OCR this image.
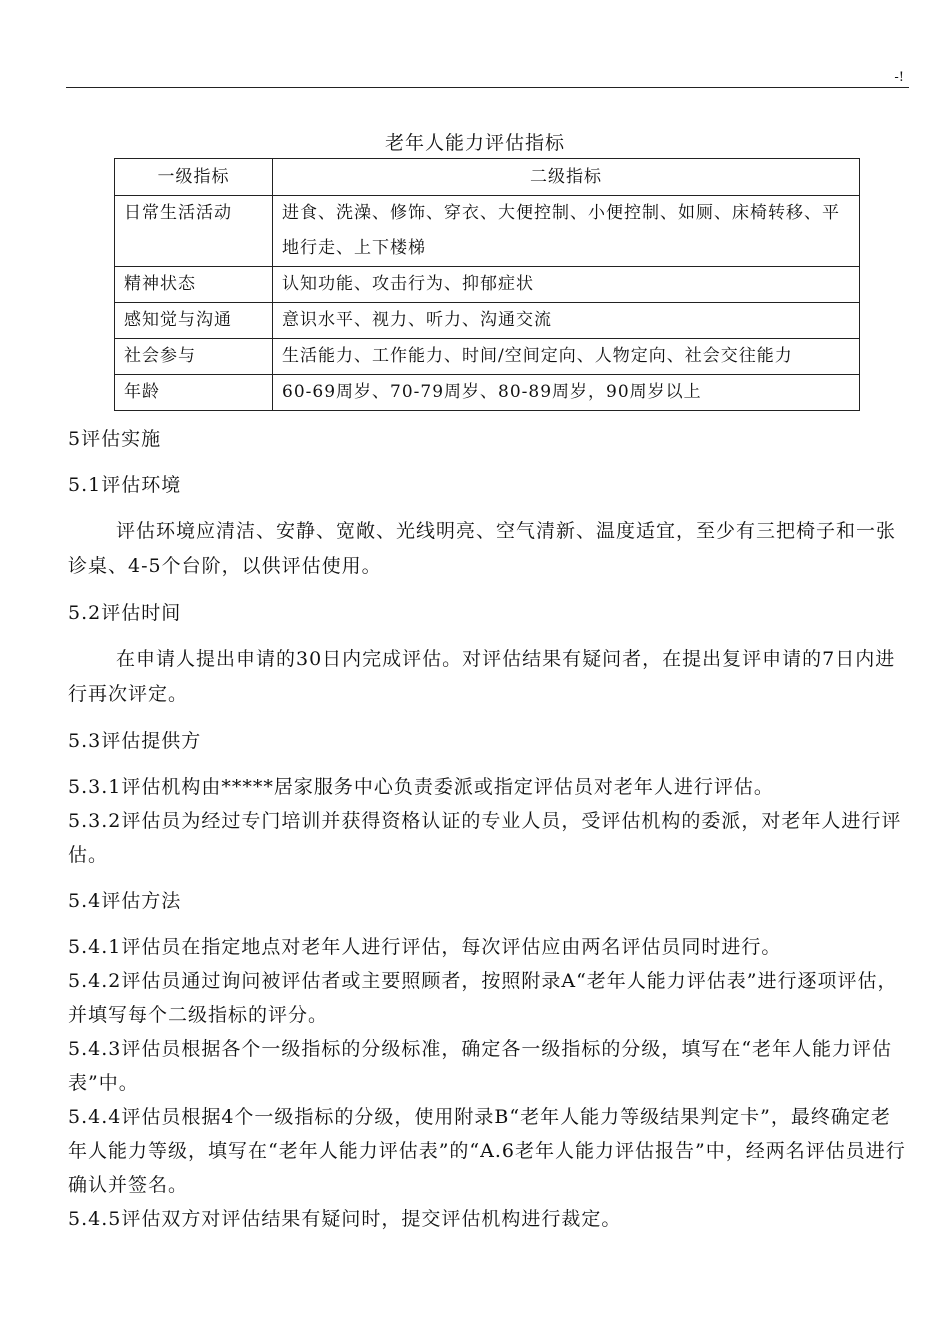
-!
老年人能力评估指标
一级指标	二级指标
日常生活活动	进食、洗澡、修饰、穿衣、大便控制、小便控制、如厕、床椅转移、平地行走、上下楼梯
精神状态	认知功能、攻击行为、抑郁症状
感知觉与沟通	意识水平、视力、听力、沟通交流
社会参与	生活能力、工作能力、时间/空间定向、人物定向、社会交往能力
年龄	60-69周岁、70-79周岁、80-89周岁，90周岁以上

5评估实施

5.1评估环境

评估环境应清洁、安静、宽敞、光线明亮、空气清新、温度适宜，至少有三把椅子和一张诊桌、4-5个台阶，以供评估使用。

5.2评估时间

在申请人提出申请的30日内完成评估。对评估结果有疑问者，在提出复评申请的7日内进行再次评定。

5.3评估提供方

5.3.1评估机构由*****居家服务中心负责委派或指定评估员对老年人进行评估。

5.3.2评估员为经过专门培训并获得资格认证的专业人员，受评估机构的委派，对老年人进行评估。

5.4评估方法

5.4.1评估员在指定地点对老年人进行评估，每次评估应由两名评估员同时进行。

5.4.2评估员通过询问被评估者或主要照顾者，按照附录A“老年人能力评估表”进行逐项评估，并填写每个二级指标的评分。

5.4.3评估员根据各个一级指标的分级标准，确定各一级指标的分级，填写在“老年人能力评估表”中。

5.4.4评估员根据4个一级指标的分级，使用附录B“老年人能力等级结果判定卡”，最终确定老年人能力等级，填写在“老年人能力评估表”的“A.6老年人能力评估报告”中，经两名评估员进行确认并签名。

5.4.5评估双方对评估结果有疑问时，提交评估机构进行裁定。
